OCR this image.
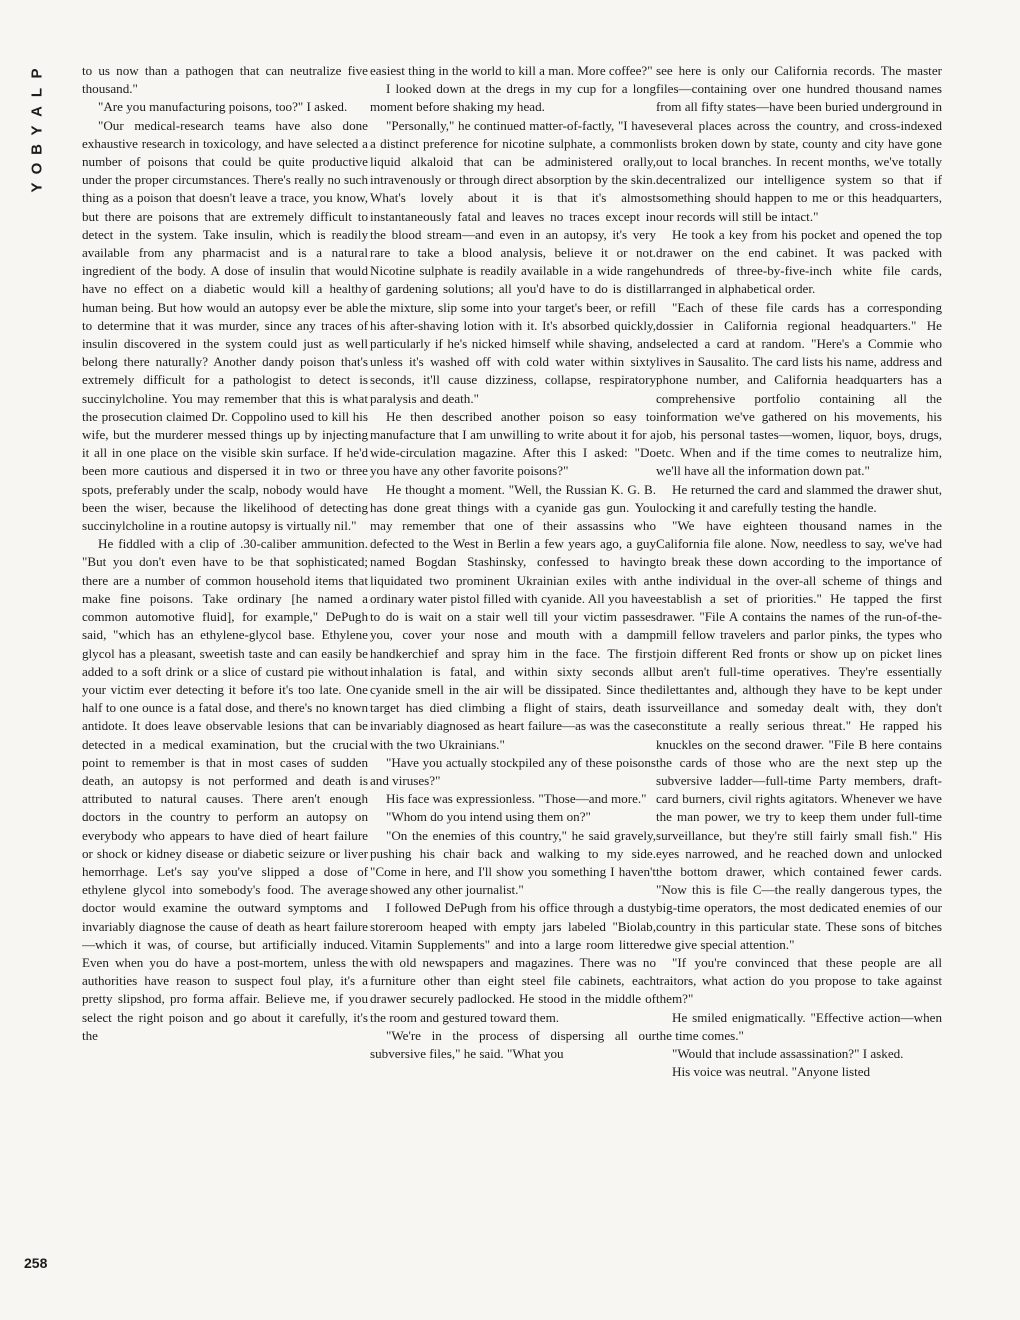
P
L
A
Y
B
O
Y

to us now than a pathogen that can neutralize five thousand."

"Are you manufacturing poisons, too?" I asked.

"Our medical-research teams have also done exhaustive research in toxicology, and have selected a number of poisons that could be quite productive under the proper circumstances. There's really no such thing as a poison that doesn't leave a trace, you know, but there are poisons that are extremely difficult to detect in the system. Take insulin, which is readily available from any pharmacist and is a natural ingredient of the body. A dose of insulin that would have no effect on a diabetic would kill a healthy human being. But how would an autopsy ever be able to determine that it was murder, since any traces of insulin discovered in the system could just as well belong there naturally? Another dandy poison that's extremely difficult for a pathologist to detect is succinylcholine. You may remember that this is what the prosecution claimed Dr. Coppolino used to kill his wife, but the murderer messed things up by injecting it all in one place on the visible skin surface. If he'd been more cautious and dispersed it in two or three spots, preferably under the scalp, nobody would have been the wiser, because the likelihood of detecting succinylcholine in a routine autopsy is virtually nil."

He fiddled with a clip of .30-caliber ammunition. "But you don't even have to be that sophisticated; there are a number of common household items that make fine poisons. Take ordinary [he named a common automotive fluid], for example," DePugh said, "which has an ethylene-glycol base. Ethylene glycol has a pleasant, sweetish taste and can easily be added to a soft drink or a slice of custard pie without your victim ever detecting it before it's too late. One half to one ounce is a fatal dose, and there's no known antidote. It does leave observable lesions that can be detected in a medical examination, but the crucial point to remember is that in most cases of sudden death, an autopsy is not performed and death is attributed to natural causes. There aren't enough doctors in the country to perform an autopsy on everybody who appears to have died of heart failure or shock or kidney disease or diabetic seizure or liver hemorrhage. Let's say you've slipped a dose of ethylene glycol into somebody's food. The average doctor would examine the outward symptoms and invariably diagnose the cause of death as heart failure—which it was, of course, but artificially induced. Even when you do have a post-mortem, unless the authorities have reason to suspect foul play, it's a pretty slipshod, pro forma affair. Believe me, if you select the right poison and go about it carefully, it's the

easiest thing in the world to kill a man. More coffee?"

I looked down at the dregs in my cup for a long moment before shaking my head.

"Personally," he continued matter-of-factly, "I have a distinct preference for nicotine sulphate, a common liquid alkaloid that can be administered orally, intravenously or through direct absorption by the skin. What's lovely about it is that it's almost instantaneously fatal and leaves no traces except in the blood stream—and even in an autopsy, it's very rare to take a blood analysis, believe it or not. Nicotine sulphate is readily available in a wide range of gardening solutions; all you'd have to do is distill the mixture, slip some into your target's beer, or refill his after-shaving lotion with it. It's absorbed quickly, particularly if he's nicked himself while shaving, and unless it's washed off with cold water within sixty seconds, it'll cause dizziness, collapse, respiratory paralysis and death."

He then described another poison so easy to manufacture that I am unwilling to write about it for a wide-circulation magazine. After this I asked: "Do you have any other favorite poisons?"

He thought a moment. "Well, the Russian K. G. B. has done great things with a cyanide gas gun. You may remember that one of their assassins who defected to the West in Berlin a few years ago, a guy named Bogdan Stashinsky, confessed to having liquidated two prominent Ukrainian exiles with an ordinary water pistol filled with cyanide. All you have to do is wait on a stair well till your victim passes you, cover your nose and mouth with a damp handkerchief and spray him in the face. The first inhalation is fatal, and within sixty seconds all cyanide smell in the air will be dissipated. Since the target has died climbing a flight of stairs, death is invariably diagnosed as heart failure—as was the case with the two Ukrainians."

"Have you actually stockpiled any of these poisons and viruses?"

His face was expressionless. "Those—and more."

"Whom do you intend using them on?"

"On the enemies of this country," he said gravely, pushing his chair back and walking to my side. "Come in here, and I'll show you something I haven't showed any other journalist."

I followed DePugh from his office through a dusty storeroom heaped with empty jars labeled "Biolab, Vitamin Supplements" and into a large room littered with old newspapers and magazines. There was no furniture other than eight steel file cabinets, each drawer securely padlocked. He stood in the middle of the room and gestured toward them.

"We're in the process of dispersing all our subversive files," he said. "What you

see here is only our California records. The master files—containing over one hundred thousand names from all fifty states—have been buried underground in several places across the country, and cross-indexed lists broken down by state, county and city have gone out to local branches. In recent months, we've totally decentralized our intelligence system so that if something should happen to me or this headquarters, our records will still be intact."

He took a key from his pocket and opened the top drawer on the end cabinet. It was packed with hundreds of three-by-five-inch white file cards, arranged in alphabetical order.

"Each of these file cards has a corresponding dossier in California regional headquarters." He selected a card at random. "Here's a Commie who lives in Sausalito. The card lists his name, address and phone number, and California headquarters has a comprehensive portfolio containing all the information we've gathered on his movements, his job, his personal tastes—women, liquor, boys, drugs, etc. When and if the time comes to neutralize him, we'll have all the information down pat."

He returned the card and slammed the drawer shut, locking it and carefully testing the handle.

"We have eighteen thousand names in the California file alone. Now, needless to say, we've had to break these down according to the importance of the individual in the over-all scheme of things and establish a set of priorities." He tapped the first drawer. "File A contains the names of the run-of-the-mill fellow travelers and parlor pinks, the types who join different Red fronts or show up on picket lines but aren't full-time operatives. They're essentially dilettantes and, although they have to be kept under surveillance and someday dealt with, they don't constitute a really serious threat." He rapped his knuckles on the second drawer. "File B here contains the cards of those who are the next step up the subversive ladder—full-time Party members, draft-card burners, civil rights agitators. Whenever we have the man power, we try to keep them under full-time surveillance, but they're still fairly small fish." His eyes narrowed, and he reached down and unlocked the bottom drawer, which contained fewer cards. "Now this is file C—the really dangerous types, the big-time operators, the most dedicated enemies of our country in this particular state. These sons of bitches we give special attention."

"If you're convinced that these people are all traitors, what action do you propose to take against them?"

He smiled enigmatically. "Effective action—when the time comes."

"Would that include assassination?" I asked.

His voice was neutral. "Anyone listed

258
